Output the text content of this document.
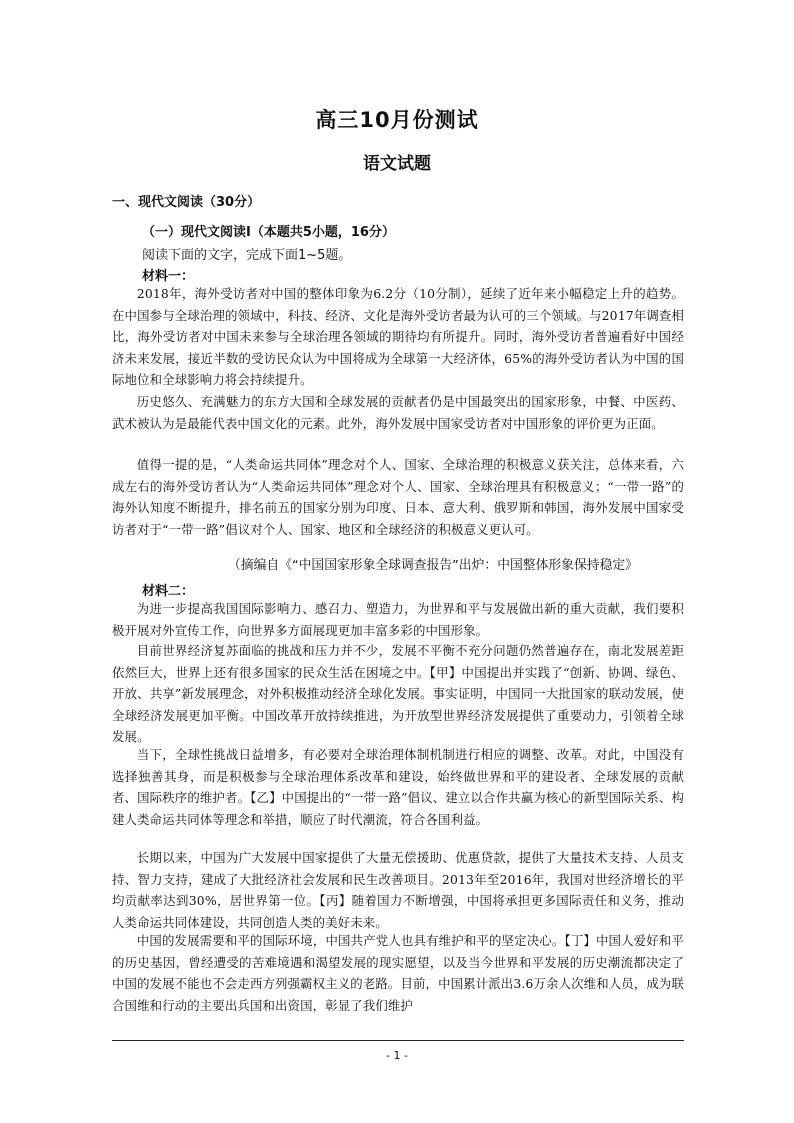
高三10月份测试
语文试题
一、现代文阅读（30分）
（一）现代文阅读Ⅰ（本题共5小题，16分）
阅读下面的文字，完成下面1~5题。
材料一：
2018年，海外受访者对中国的整体印象为6.2分（10分制），延续了近年来小幅稳定上升的趋势。在中国参与全球治理的领域中，科技、经济、文化是海外受访者最为认可的三个领域。与2017年调查相比，海外受访者对中国未来参与全球治理各领域的期待均有所提升。同时，海外受访者普遍看好中国经济未来发展，接近半数的受访民众认为中国将成为全球第一大经济体，65%的海外受访者认为中国的国际地位和全球影响力将会持续提升。
历史悠久、充满魅力的东方大国和全球发展的贡献者仍是中国最突出的国家形象，中餐、中医药、武术被认为是最能代表中国文化的元素。此外，海外发展中国家受访者对中国形象的评价更为正面。
值得一提的是，“人类命运共同体”理念对个人、国家、全球治理的积极意义获关注，总体来看，六成左右的海外受访者认为“人类命运共同体”理念对个人、国家、全球治理具有积极意义；“一带一路”的海外认知度不断提升，排名前五的国家分别为印度、日本、意大利、俄罗斯和韩国，海外发展中国家受访者对于“一带一路”倡议对个人、国家、地区和全球经济的积极意义更认可。
（摘编自《“中国国家形象全球调查报告”出炉：中国整体形象保持稳定》
材料二：
为进一步提高我国国际影响力、感召力、塑造力，为世界和平与发展做出新的重大贡献，我们要积极开展对外宣传工作，向世界多方面展现更加丰富多彩的中国形象。
目前世界经济复苏面临的挑战和压力并不少，发展不平衡不充分问题仍然普遍存在，南北发展差距依然巨大，世界上还有很多国家的民众生活在困境之中。【甲】中国提出并实践了“创新、协调、绿色、开放、共享”新发展理念，对外积极推动经济全球化发展。事实证明，中国同一大批国家的联动发展，使全球经济发展更加平衡。中国改革开放持续推进，为开放型世界经济发展提供了重要动力，引领着全球发展。
当下，全球性挑战日益增多，有必要对全球治理体制机制进行相应的调整、改革。对此，中国没有选择独善其身，而是积极参与全球治理体系改革和建设，始终做世界和平的建设者、全球发展的贡献者、国际秩序的维护者。【乙】中国提出的“一带一路”倡议、建立以合作共赢为核心的新型国际关系、构建人类命运共同体等理念和举措，顺应了时代潮流，符合各国利益。
长期以来，中国为广大发展中国家提供了大量无偿援助、优惠贷款，提供了大量技术支持、人员支持、智力支持，建成了大批经济社会发展和民生改善项目。2013年至2016年，我国对世经济增长的平均贡献率达到30%，居世界第一位。【丙】随着国力不断增强，中国将承担更多国际责任和义务，推动人类命运共同体建设，共同创造人类的美好未来。
中国的发展需要和平的国际环境，中国共产党人也具有维护和平的坚定决心。【丁】中国人爱好和平的历史基因，曾经遭受的苦难境遇和渴望发展的现实愿望，以及当今世界和平发展的历史潮流都决定了中国的发展不能也不会走西方列强霸权主义的老路。目前，中国累计派出3.6万余人次维和人员，成为联合国维和行动的主要出兵国和出资国，彰显了我们维护
- 1 -
